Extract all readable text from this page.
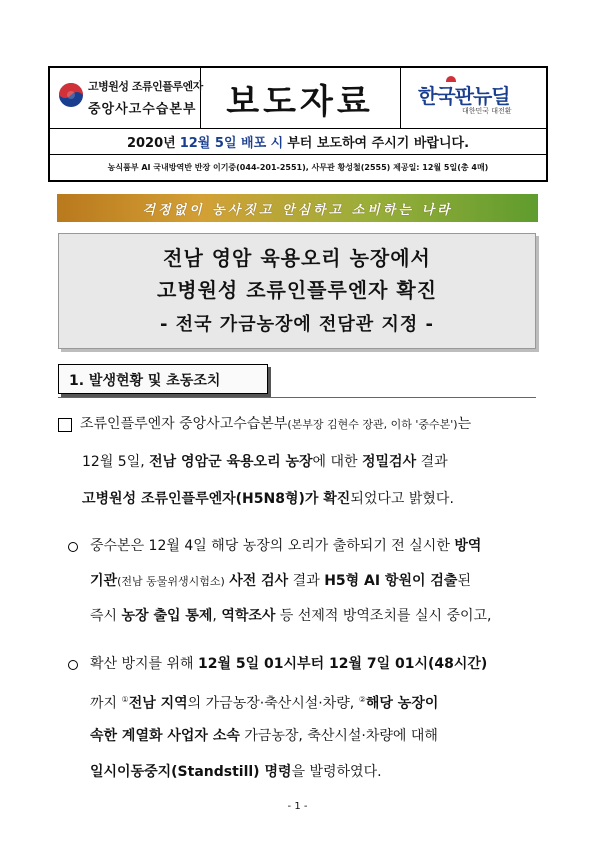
고병원성 조류인플루엔자
중앙사고수습본부 보도자료	한국판뉴딜
대한민국 대전환
2020년 12월 5일 배포 시 부터 보도하여 주시기 바랍니다.
농식품부 AI 국내방역반 반장 이기중(044-201-2551), 사무관 황성철(2555) 제공일: 12월 5일(총 4매)
걱정없이 농사짓고 안심하고 소비하는 나라
전남 영암 육용오리 농장에서
고병원성 조류인플루엔자 확진
- 전국 가금농장에 전담관 지정 -
1. 발생현황 및 초동조치
조류인플루엔자 중앙사고수습본부(본부장 김현수 장관, 이하 '중수본')는
12월 5일, 전남 영암군 육용오리 농장에 대한 정밀검사 결과
고병원성 조류인플루엔자(H5N8형)가 확진되었다고 밝혔다.
중수본은 12월 4일 해당 농장의 오리가 출하되기 전 실시한 방역
기관(전남 동물위생시험소) 사전 검사 결과 H5형 AI 항원이 검출된
즉시 농장 출입 통제, 역학조사 등 선제적 방역조치를 실시 중이고,
확산 방지를 위해 12월 5일 01시부터 12월 7일 01시(48시간)
까지 ①전남 지역의 가금농장·축산시설·차량, ②해당 농장이
속한 계열화 사업자 소속 가금농장, 축산시설·차량에 대해
일시이동중지(Standstill) 명령을 발령하였다.
- 1 -
